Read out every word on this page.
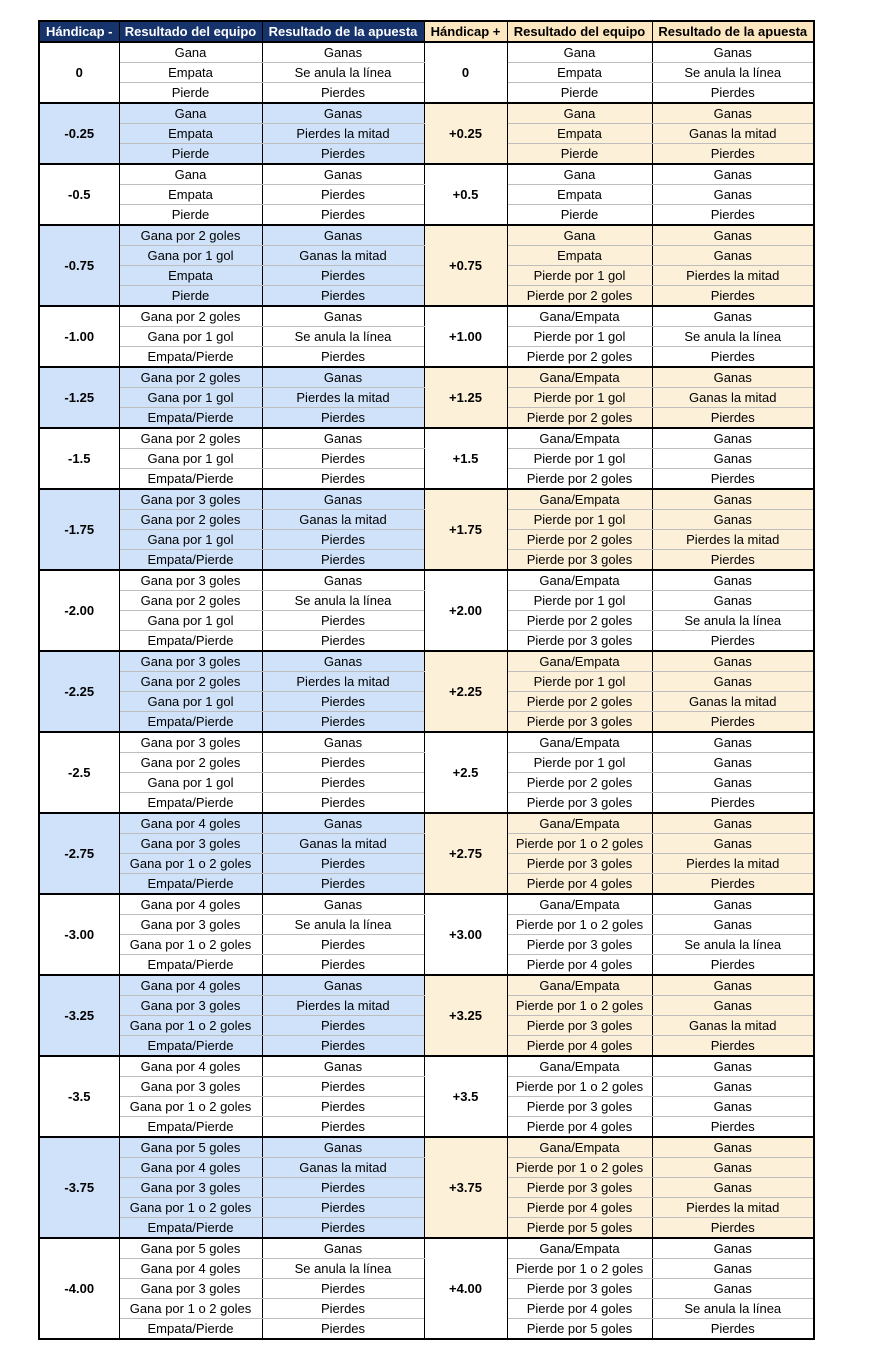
Hándicap -	Resultado del equipo	Resultado de la apuesta	Hándicap +	Resultado del equipo	Resultado de la apuesta
0	Gana	Ganas	0	Gana	Ganas
	Empata	Se anula la línea		Empata	Se anula la línea
	Pierde	Pierdes		Pierde	Pierdes
-0.25	Gana	Ganas	+0.25	Gana	Ganas
	Empata	Pierdes la mitad		Empata	Ganas la mitad
	Pierde	Pierdes		Pierde	Pierdes
-0.5	Gana	Ganas	+0.5	Gana	Ganas
	Empata	Pierdes		Empata	Ganas
	Pierde	Pierdes		Pierde	Pierdes
-0.75	Gana por 2 goles	Ganas	+0.75	Gana	Ganas
	Gana por 1 gol	Ganas la mitad		Empata	Ganas
	Empata	Pierdes		Pierde por 1 gol	Pierdes la mitad
	Pierde	Pierdes		Pierde por 2 goles	Pierdes
-1.00	Gana por 2 goles	Ganas	+1.00	Gana/Empata	Ganas
	Gana por 1 gol	Se anula la línea		Pierde por 1 gol	Se anula la línea
	Empata/Pierde	Pierdes		Pierde por 2 goles	Pierdes
-1.25	Gana por 2 goles	Ganas	+1.25	Gana/Empata	Ganas
	Gana por 1 gol	Pierdes la mitad		Pierde por 1 gol	Ganas la mitad
	Empata/Pierde	Pierdes		Pierde por 2 goles	Pierdes
-1.5	Gana por 2 goles	Ganas	+1.5	Gana/Empata	Ganas
	Gana por 1 gol	Pierdes		Pierde por 1 gol	Ganas
	Empata/Pierde	Pierdes		Pierde por 2 goles	Pierdes
-1.75	Gana por 3 goles	Ganas	+1.75	Gana/Empata	Ganas
	Gana por 2 goles	Ganas la mitad		Pierde por 1 gol	Ganas
	Gana por 1 gol	Pierdes		Pierde por 2 goles	Pierdes la mitad
	Empata/Pierde	Pierdes		Pierde por 3 goles	Pierdes
-2.00	Gana por 3 goles	Ganas	+2.00	Gana/Empata	Ganas
	Gana por 2 goles	Se anula la línea		Pierde por 1 gol	Ganas
	Gana por 1 gol	Pierdes		Pierde por 2 goles	Se anula la línea
	Empata/Pierde	Pierdes		Pierde por 3 goles	Pierdes
-2.25	Gana por 3 goles	Ganas	+2.25	Gana/Empata	Ganas
	Gana por 2 goles	Pierdes la mitad		Pierde por 1 gol	Ganas
	Gana por 1 gol	Pierdes		Pierde por 2 goles	Ganas la mitad
	Empata/Pierde	Pierdes		Pierde por 3 goles	Pierdes
-2.5	Gana por 3 goles	Ganas	+2.5	Gana/Empata	Ganas
	Gana por 2 goles	Pierdes		Pierde por 1 gol	Ganas
	Gana por 1 gol	Pierdes		Pierde por 2 goles	Ganas
	Empata/Pierde	Pierdes		Pierde por 3 goles	Pierdes
-2.75	Gana por 4 goles	Ganas	+2.75	Gana/Empata	Ganas
	Gana por 3 goles	Ganas la mitad		Pierde por 1 o 2 goles	Ganas
	Gana por 1 o 2 goles	Pierdes		Pierde por 3 goles	Pierdes la mitad
	Empata/Pierde	Pierdes		Pierde por 4 goles	Pierdes
-3.00	Gana por 4 goles	Ganas	+3.00	Gana/Empata	Ganas
	Gana por 3 goles	Se anula la línea		Pierde por 1 o 2 goles	Ganas
	Gana por 1 o 2 goles	Pierdes		Pierde por 3 goles	Se anula la línea
	Empata/Pierde	Pierdes		Pierde por 4 goles	Pierdes
-3.25	Gana por 4 goles	Ganas	+3.25	Gana/Empata	Ganas
	Gana por 3 goles	Pierdes la mitad		Pierde por 1 o 2 goles	Ganas
	Gana por 1 o 2 goles	Pierdes		Pierde por 3 goles	Ganas la mitad
	Empata/Pierde	Pierdes		Pierde por 4 goles	Pierdes
-3.5	Gana por 4 goles	Ganas	+3.5	Gana/Empata	Ganas
	Gana por 3 goles	Pierdes		Pierde por 1 o 2 goles	Ganas
	Gana por 1 o 2 goles	Pierdes		Pierde por 3 goles	Ganas
	Empata/Pierde	Pierdes		Pierde por 4 goles	Pierdes
-3.75	Gana por 5 goles	Ganas	+3.75	Gana/Empata	Ganas
	Gana por 4 goles	Ganas la mitad		Pierde por 1 o 2 goles	Ganas
	Gana por 3 goles	Pierdes		Pierde por 3 goles	Ganas
	Gana por 1 o 2 goles	Pierdes		Pierde por 4 goles	Pierdes la mitad
	Empata/Pierde	Pierdes		Pierde por 5 goles	Pierdes
-4.00	Gana por 5 goles	Ganas	+4.00	Gana/Empata	Ganas
	Gana por 4 goles	Se anula la línea		Pierde por 1 o 2 goles	Ganas
	Gana por 3 goles	Pierdes		Pierde por 3 goles	Ganas
	Gana por 1 o 2 goles	Pierdes		Pierde por 4 goles	Se anula la línea
	Empata/Pierde	Pierdes		Pierde por 5 goles	Pierdes
